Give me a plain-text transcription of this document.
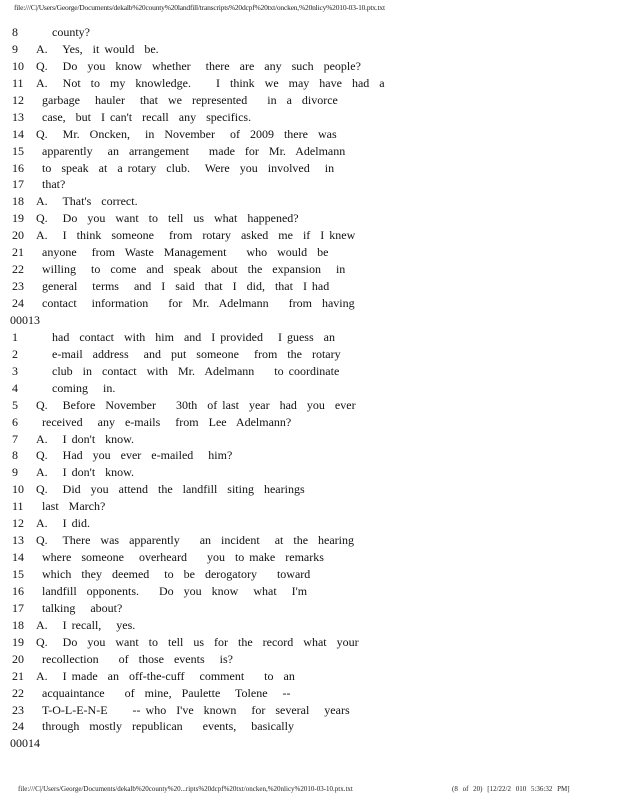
file:///C|/Users/George/Documents/dekalb%20county%20landfill/transcripts%20dcpf%20txt/oncken,%20nlicy%2010-03-10.ptx.txt
8	county?
9	A.   Yes,  it would  be.
10	Q.   Do  you  know  whether   there  are  any  such  people?
11	A.   Not  to  my  knowledge.     I  think  we  may  have  had  a
12	garbage   hauler   that  we  represented    in  a  divorce
13	case,  but  I can't  recall  any  specifics.
14	Q.   Mr.  Oncken,   in  November   of  2009  there  was
15	apparently   an  arrangement    made  for  Mr.  Adelmann
16	to  speak  at  a rotary  club.   Were  you  involved   in
17	that?
18	A.   That's  correct.
19	Q.   Do  you  want  to  tell  us  what  happened?
20	A.   I  think  someone   from  rotary  asked  me  if  I knew
21	anyone   from  Waste  Management    who  would  be
22	willing   to  come  and  speak  about  the  expansion   in
23	general   terms   and  I  said  that  I  did,  that  I had
24	contact   information    for  Mr.  Adelmann    from  having
00013
1	had  contact  with  him  and  I provided   I guess  an
2	e-mail  address   and  put  someone   from  the  rotary
3	club  in  contact  with  Mr.  Adelmann    to coordinate
4	coming   in.
5	Q.   Before  November    30th  of last  year  had  you  ever
6	received   any  e-mails   from  Lee  Adelmann?
7	A.   I don't  know.
8	Q.   Had  you  ever  e-mailed   him?
9	A.   I don't  know.
10	Q.   Did  you  attend  the  landfill  siting  hearings
11	last  March?
12	A.   I did.
13	Q.   There  was  apparently    an  incident   at  the  hearing
14	where  someone   overheard    you  to make  remarks
15	which  they  deemed   to  be  derogatory    toward
16	landfill  opponents.    Do  you  know   what   I'm
17	talking   about?
18	A.   I recall,   yes.
19	Q.   Do  you  want  to  tell  us  for  the  record  what  your
20	recollection    of  those  events   is?
21	A.   I made  an  off-the-cuff   comment    to  an
22	acquaintance    of  mine,  Paulette   Tolene   --
23	T-O-L-E-N-E     -- who  I've  known   for  several   years
24	through  mostly  republican    events,   basically
00014
file:///C|/Users/George/Documents/dekalb%20county%20...ripts%20dcpf%20txt/oncken,%20nlicy%2010-03-10.ptx.txt	(8 of 20) [12/22/2 010 5:36:32 PM]
